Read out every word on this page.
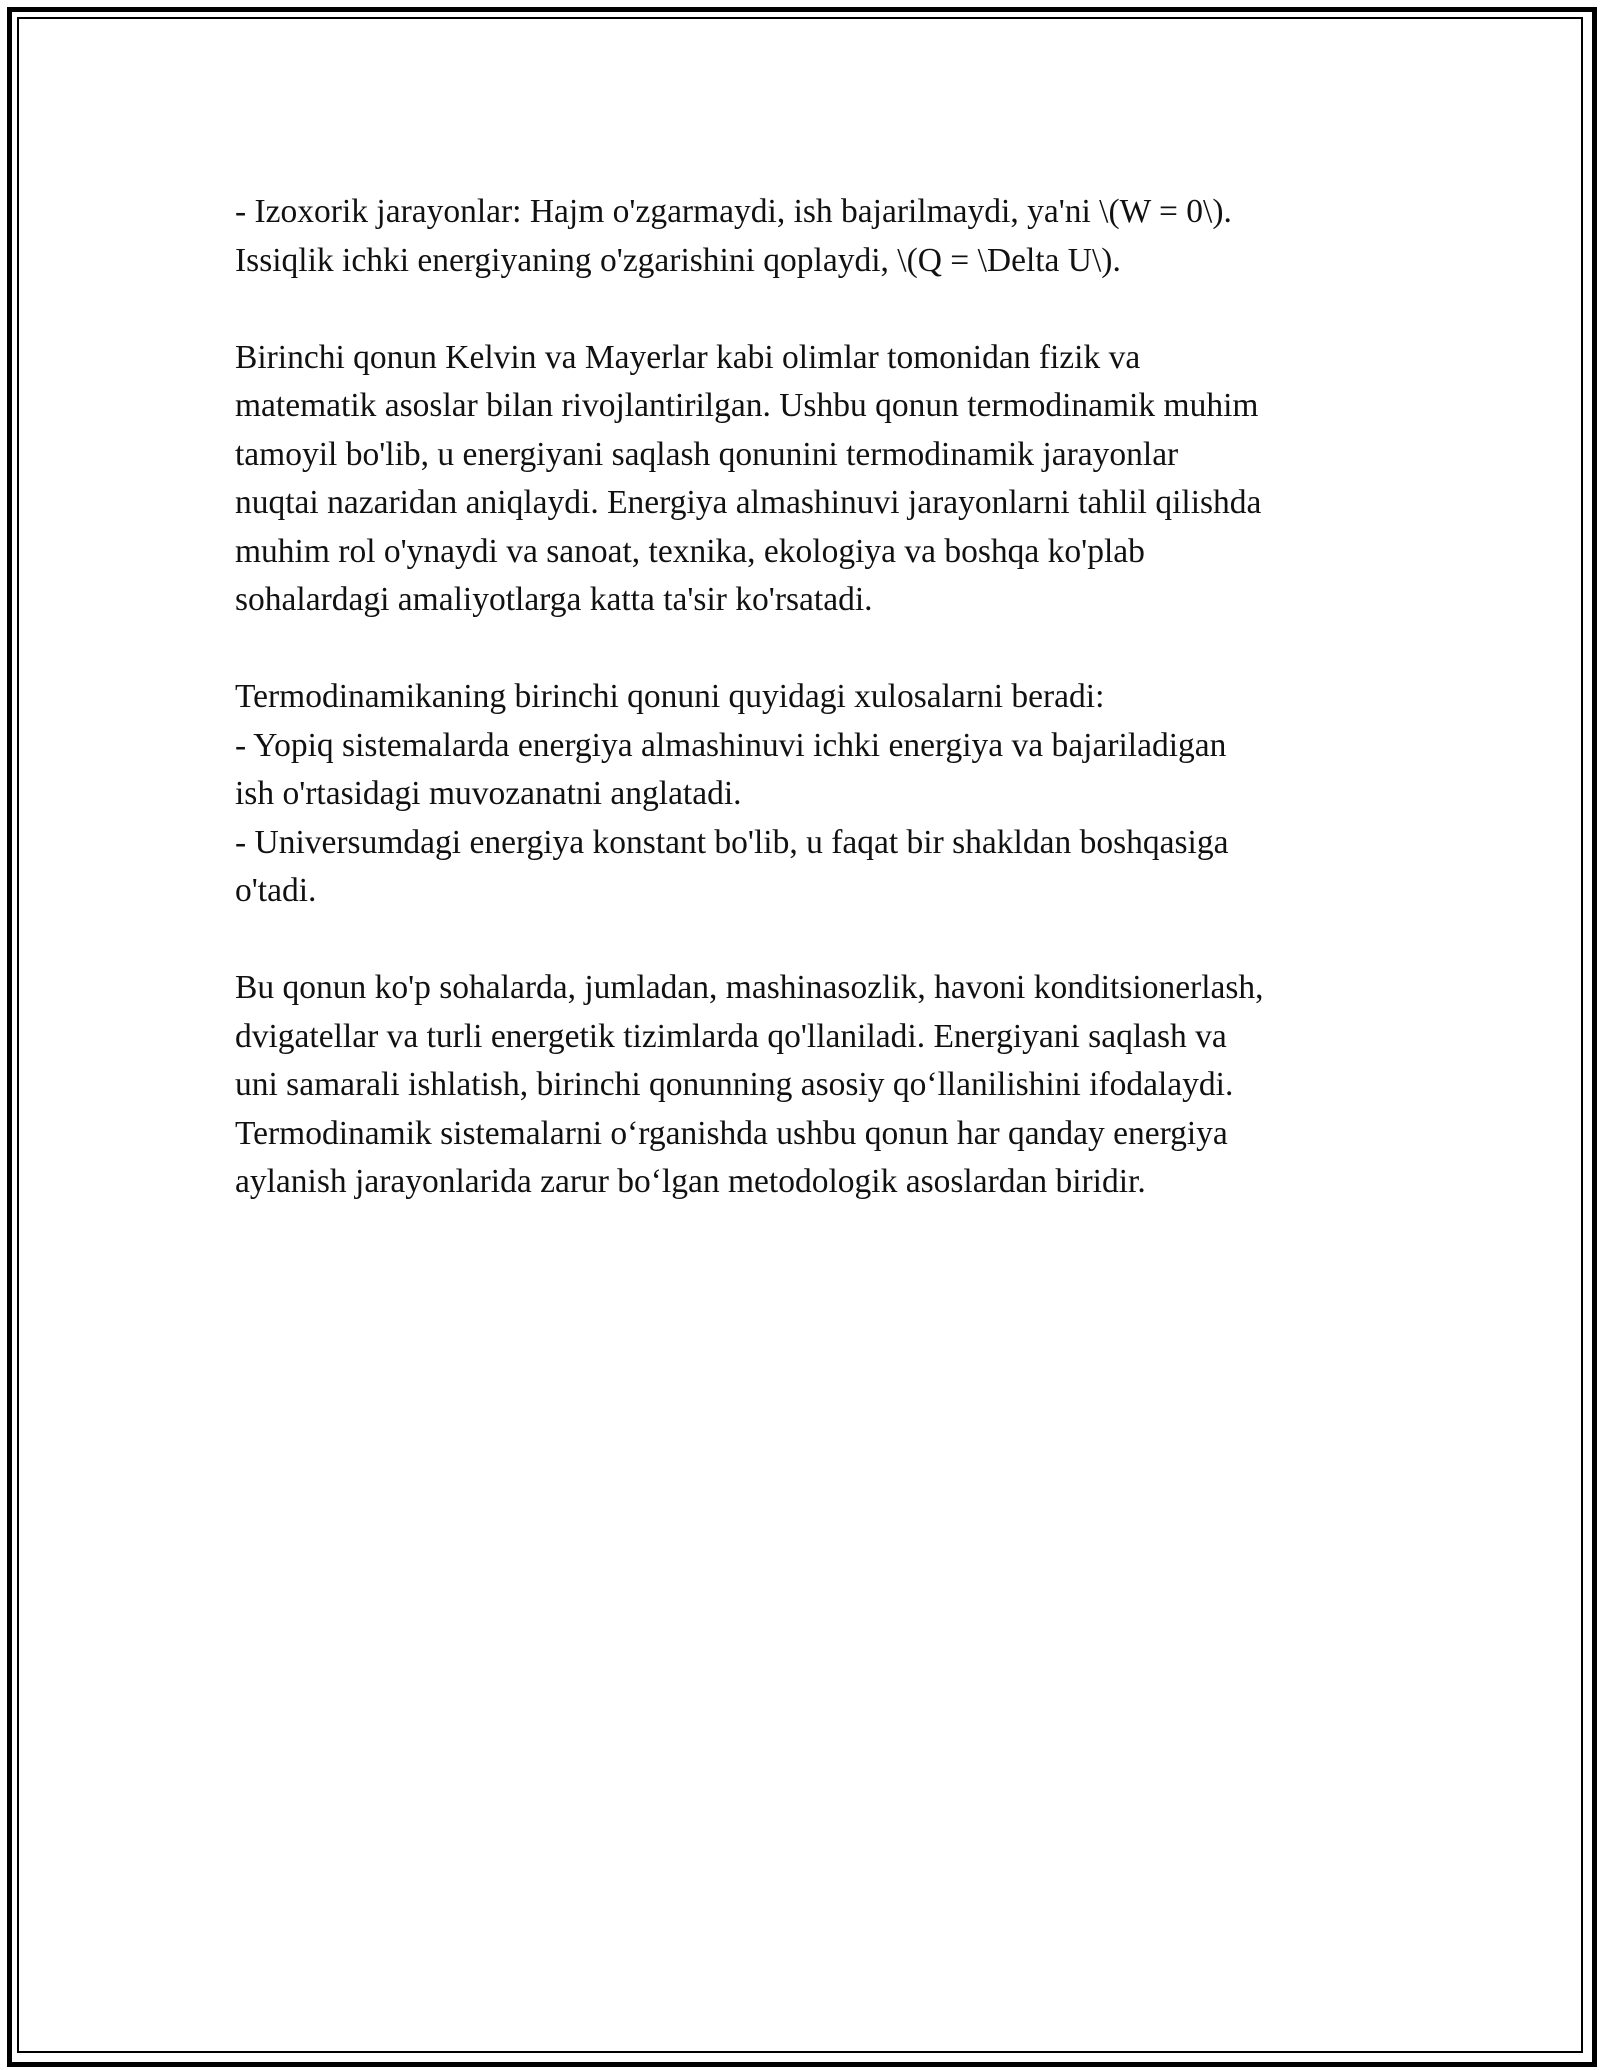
- Izoxorik jarayonlar: Hajm o'zgarmaydi, ish bajarilmaydi, ya'ni \(W = 0\).
Issiqlik ichki energiyaning o'zgarishini qoplaydi, \(Q = \Delta U\).
Birinchi qonun Kelvin va Mayerlar kabi olimlar tomonidan fizik va
matematik asoslar bilan rivojlantirilgan. Ushbu qonun termodinamik muhim
tamoyil bo'lib, u energiyani saqlash qonunini termodinamik jarayonlar
nuqtai nazaridan aniqlaydi. Energiya almashinuvi jarayonlarni tahlil qilishda
muhim rol o'ynaydi va sanoat, texnika, ekologiya va boshqa ko'plab
sohalardagi amaliyotlarga katta ta'sir ko'rsatadi.
Termodinamikaning birinchi qonuni quyidagi xulosalarni beradi:
- Yopiq sistemalarda energiya almashinuvi ichki energiya va bajariladigan
ish o'rtasidagi muvozanatni anglatadi.
- Universumdagi energiya konstant bo'lib, u faqat bir shakldan boshqasiga
o'tadi.
Bu qonun ko'p sohalarda, jumladan, mashinasozlik, havoni konditsionerlash,
dvigatellar va turli energetik tizimlarda qo'llaniladi. Energiyani saqlash va
uni samarali ishlatish, birinchi qonunning asosiy qo‘llanilishini ifodalaydi.
Termodinamik sistemalarni o‘rganishda ushbu qonun har qanday energiya
aylanish jarayonlarida zarur bo‘lgan metodologik asoslardan biridir.
